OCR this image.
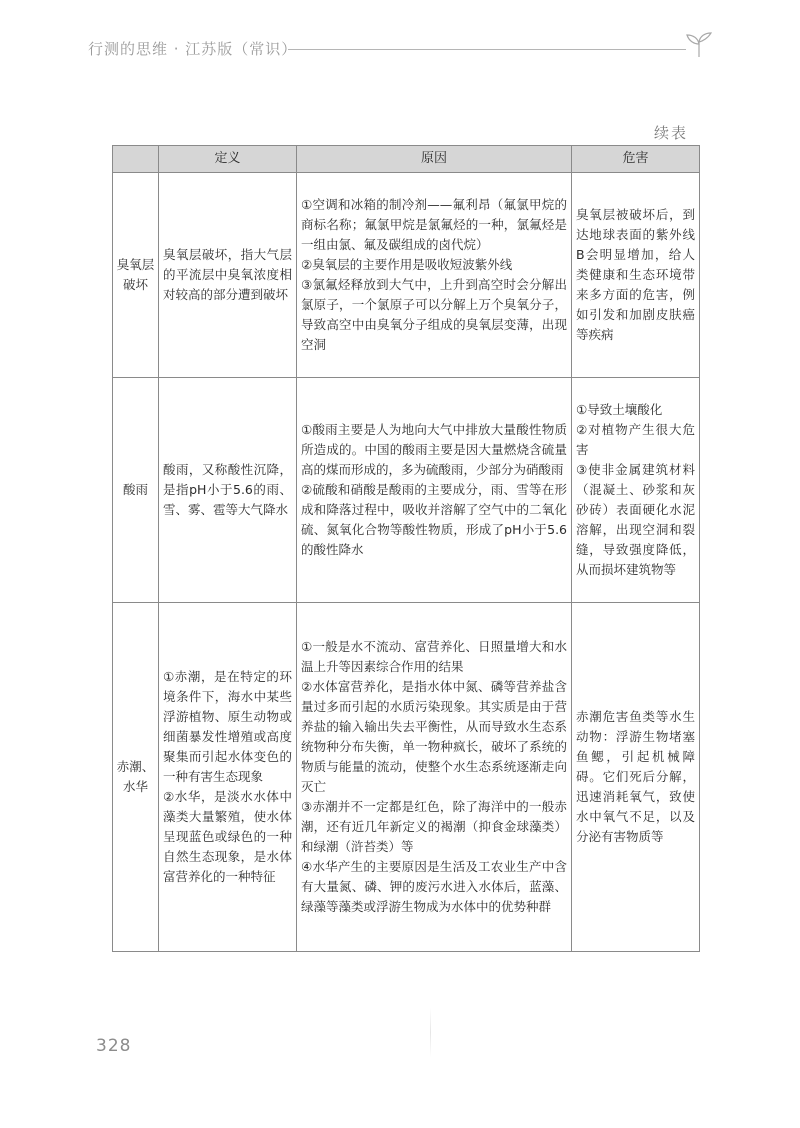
行测的思维 · 江苏版（常识）
续表
	定义	原因	危害
臭氧层破坏	臭氧层破坏，指大气层的平流层中臭氧浓度相对较高的部分遭到破坏	①空调和冰箱的制冷剂——氟利昂（氟氯甲烷的商标名称；氟氯甲烷是氯氟烃的一种，氯氟烃是一组由氯、氟及碳组成的卤代烷）
②臭氧层的主要作用是吸收短波紫外线
③氯氟烃释放到大气中，上升到高空时会分解出氯原子，一个氯原子可以分解上万个臭氧分子，导致高空中由臭氧分子组成的臭氧层变薄，出现空洞	臭氧层被破坏后，到达地球表面的紫外线B会明显增加，给人类健康和生态环境带来多方面的危害，例如引发和加剧皮肤癌等疾病
酸雨	酸雨，又称酸性沉降，是指pH小于5.6的雨、雪、雾、雹等大气降水	①酸雨主要是人为地向大气中排放大量酸性物质所造成的。中国的酸雨主要是因大量燃烧含硫量高的煤而形成的，多为硫酸雨，少部分为硝酸雨
②硫酸和硝酸是酸雨的主要成分，雨、雪等在形成和降落过程中，吸收并溶解了空气中的二氧化硫、氮氧化合物等酸性物质，形成了pH小于5.6的酸性降水	①导致土壤酸化
②对植物产生很大危害
③使非金属建筑材料（混凝土、砂浆和灰砂砖）表面硬化水泥溶解，出现空洞和裂缝，导致强度降低，从而损坏建筑物等
赤潮、水华	①赤潮，是在特定的环境条件下，海水中某些浮游植物、原生动物或细菌暴发性增殖或高度聚集而引起水体变色的一种有害生态现象
②水华，是淡水水体中藻类大量繁殖，使水体呈现蓝色或绿色的一种自然生态现象，是水体富营养化的一种特征	①一般是水不流动、富营养化、日照量增大和水温上升等因素综合作用的结果
②水体富营养化，是指水体中氮、磷等营养盐含量过多而引起的水质污染现象。其实质是由于营养盐的输入输出失去平衡性，从而导致水生态系统物种分布失衡，单一物种疯长，破坏了系统的物质与能量的流动，使整个水生态系统逐渐走向灭亡
③赤潮并不一定都是红色，除了海洋中的一般赤潮，还有近几年新定义的褐潮（抑食金球藻类）和绿潮（浒苔类）等
④水华产生的主要原因是生活及工农业生产中含有大量氮、磷、钾的废污水进入水体后，蓝藻、绿藻等藻类或浮游生物成为水体中的优势种群	赤潮危害鱼类等水生动物：浮游生物堵塞鱼鳃，引起机械障碍。它们死后分解，迅速消耗氧气，致使水中氧气不足，以及分泌有害物质等
328
